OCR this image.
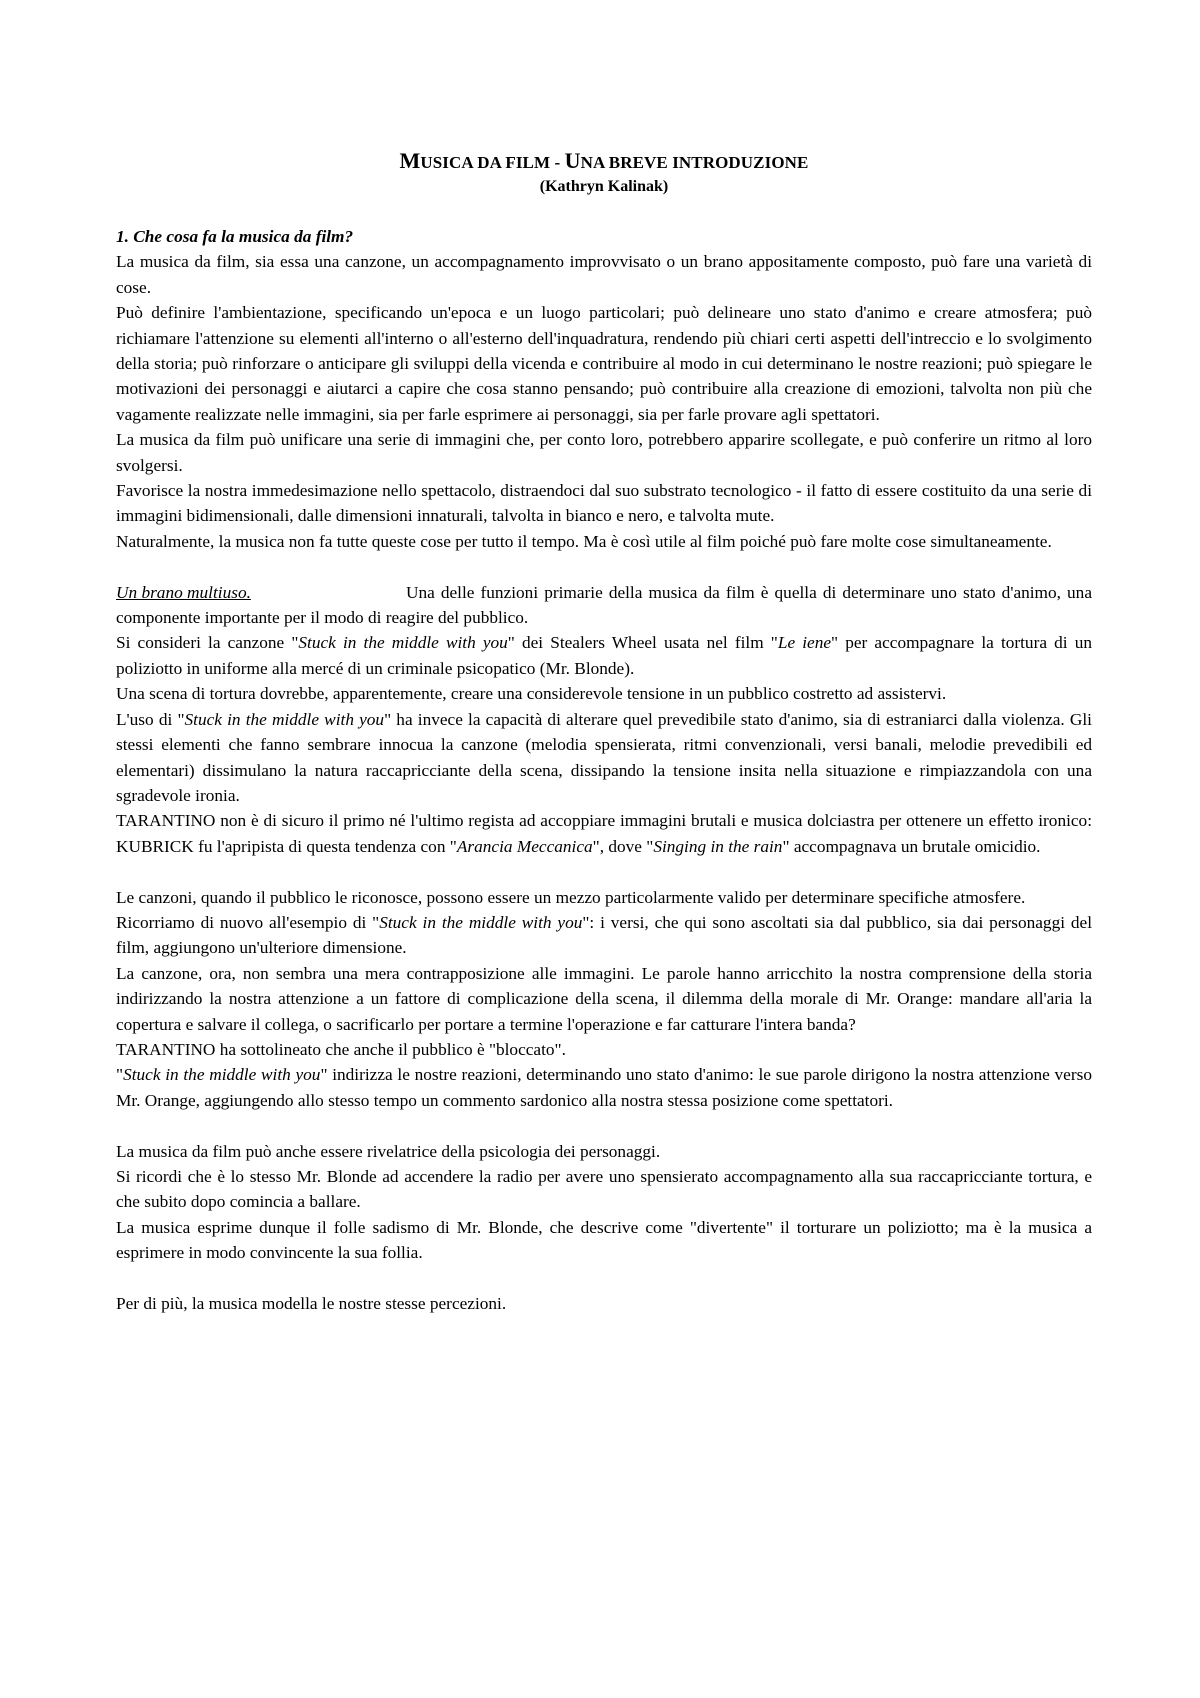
MUSICA DA FILM - UNA BREVE INTRODUZIONE
(Kathryn Kalinak)
1. Che cosa fa la musica da film?

La musica da film, sia essa una canzone, un accompagnamento improvvisato o un brano appositamente composto, può fare una varietà di cose.

Può definire l'ambientazione, specificando un'epoca e un luogo particolari; può delineare uno stato d'animo e creare atmosfera; può richiamare l'attenzione su elementi all'interno o all'esterno dell'inquadratura, rendendo più chiari certi aspetti dell'intreccio e lo svolgimento della storia; può rinforzare o anticipare gli sviluppi della vicenda e contribuire al modo in cui determinano le nostre reazioni; può spiegare le motivazioni dei personaggi e aiutarci a capire che cosa stanno pensando; può contribuire alla creazione di emozioni, talvolta non più che vagamente realizzate nelle immagini, sia per farle esprimere ai personaggi, sia per farle provare agli spettatori.

La musica da film può unificare una serie di immagini che, per conto loro, potrebbero apparire scollegate, e può conferire un ritmo al loro svolgersi.

Favorisce la nostra immedesimazione nello spettacolo, distraendoci dal suo substrato tecnologico - il fatto di essere costituito da una serie di immagini bidimensionali, dalle dimensioni innaturali, talvolta in bianco e nero, e talvolta mute.

Naturalmente, la musica non fa tutte queste cose per tutto il tempo. Ma è così utile al film poiché può fare molte cose simultaneamente.

Un brano multiuso.	Una delle funzioni primarie della musica da film è quella di determinare uno stato d'animo, una componente importante per il modo di reagire del pubblico.

Si consideri la canzone "Stuck in the middle with you" dei Stealers Wheel usata nel film "Le iene" per accompagnare la tortura di un poliziotto in uniforme alla mercé di un criminale psicopatico (Mr. Blonde).

Una scena di tortura dovrebbe, apparentemente, creare una considerevole tensione in un pubblico costretto ad assistervi.

L'uso di "Stuck in the middle with you" ha invece la capacità di alterare quel prevedibile stato d'animo, sia di estraniarci dalla violenza. Gli stessi elementi che fanno sembrare innocua la canzone (melodia spensierata, ritmi convenzionali, versi banali, melodie prevedibili ed elementari) dissimulano la natura raccapricciante della scena, dissipando la tensione insita nella situazione e rimpiazzandola con una sgradevole ironia.

TARANTINO non è di sicuro il primo né l'ultimo regista ad accoppiare immagini brutali e musica dolciastra per ottenere un effetto ironico: KUBRICK fu l'apripista di questa tendenza con "Arancia Meccanica", dove "Singing in the rain" accompagnava un brutale omicidio.

Le canzoni, quando il pubblico le riconosce, possono essere un mezzo particolarmente valido per determinare specifiche atmosfere.

Ricorriamo di nuovo all'esempio di "Stuck in the middle with you": i versi, che qui sono ascoltati sia dal pubblico, sia dai personaggi del film, aggiungono un'ulteriore dimensione.

La canzone, ora, non sembra una mera contrapposizione alle immagini. Le parole hanno arricchito la nostra comprensione della storia indirizzando la nostra attenzione a un fattore di complicazione della scena, il dilemma della morale di Mr. Orange: mandare all'aria la copertura e salvare il collega, o sacrificarlo per portare a termine l'operazione e far catturare l'intera banda?

TARANTINO ha sottolineato che anche il pubblico è "bloccato".

"Stuck in the middle with you" indirizza le nostre reazioni, determinando uno stato d'animo: le sue parole dirigono la nostra attenzione verso Mr. Orange, aggiungendo allo stesso tempo un commento sardonico alla nostra stessa posizione come spettatori.

La musica da film può anche essere rivelatrice della psicologia dei personaggi.

Si ricordi che è lo stesso Mr. Blonde ad accendere la radio per avere uno spensierato accompagnamento alla sua raccapricciante tortura, e che subito dopo comincia a ballare.

La musica esprime dunque il folle sadismo di Mr. Blonde, che descrive come "divertente" il torturare un poliziotto; ma è la musica a esprimere in modo convincente la sua follia.

Per di più, la musica modella le nostre stesse percezioni.
